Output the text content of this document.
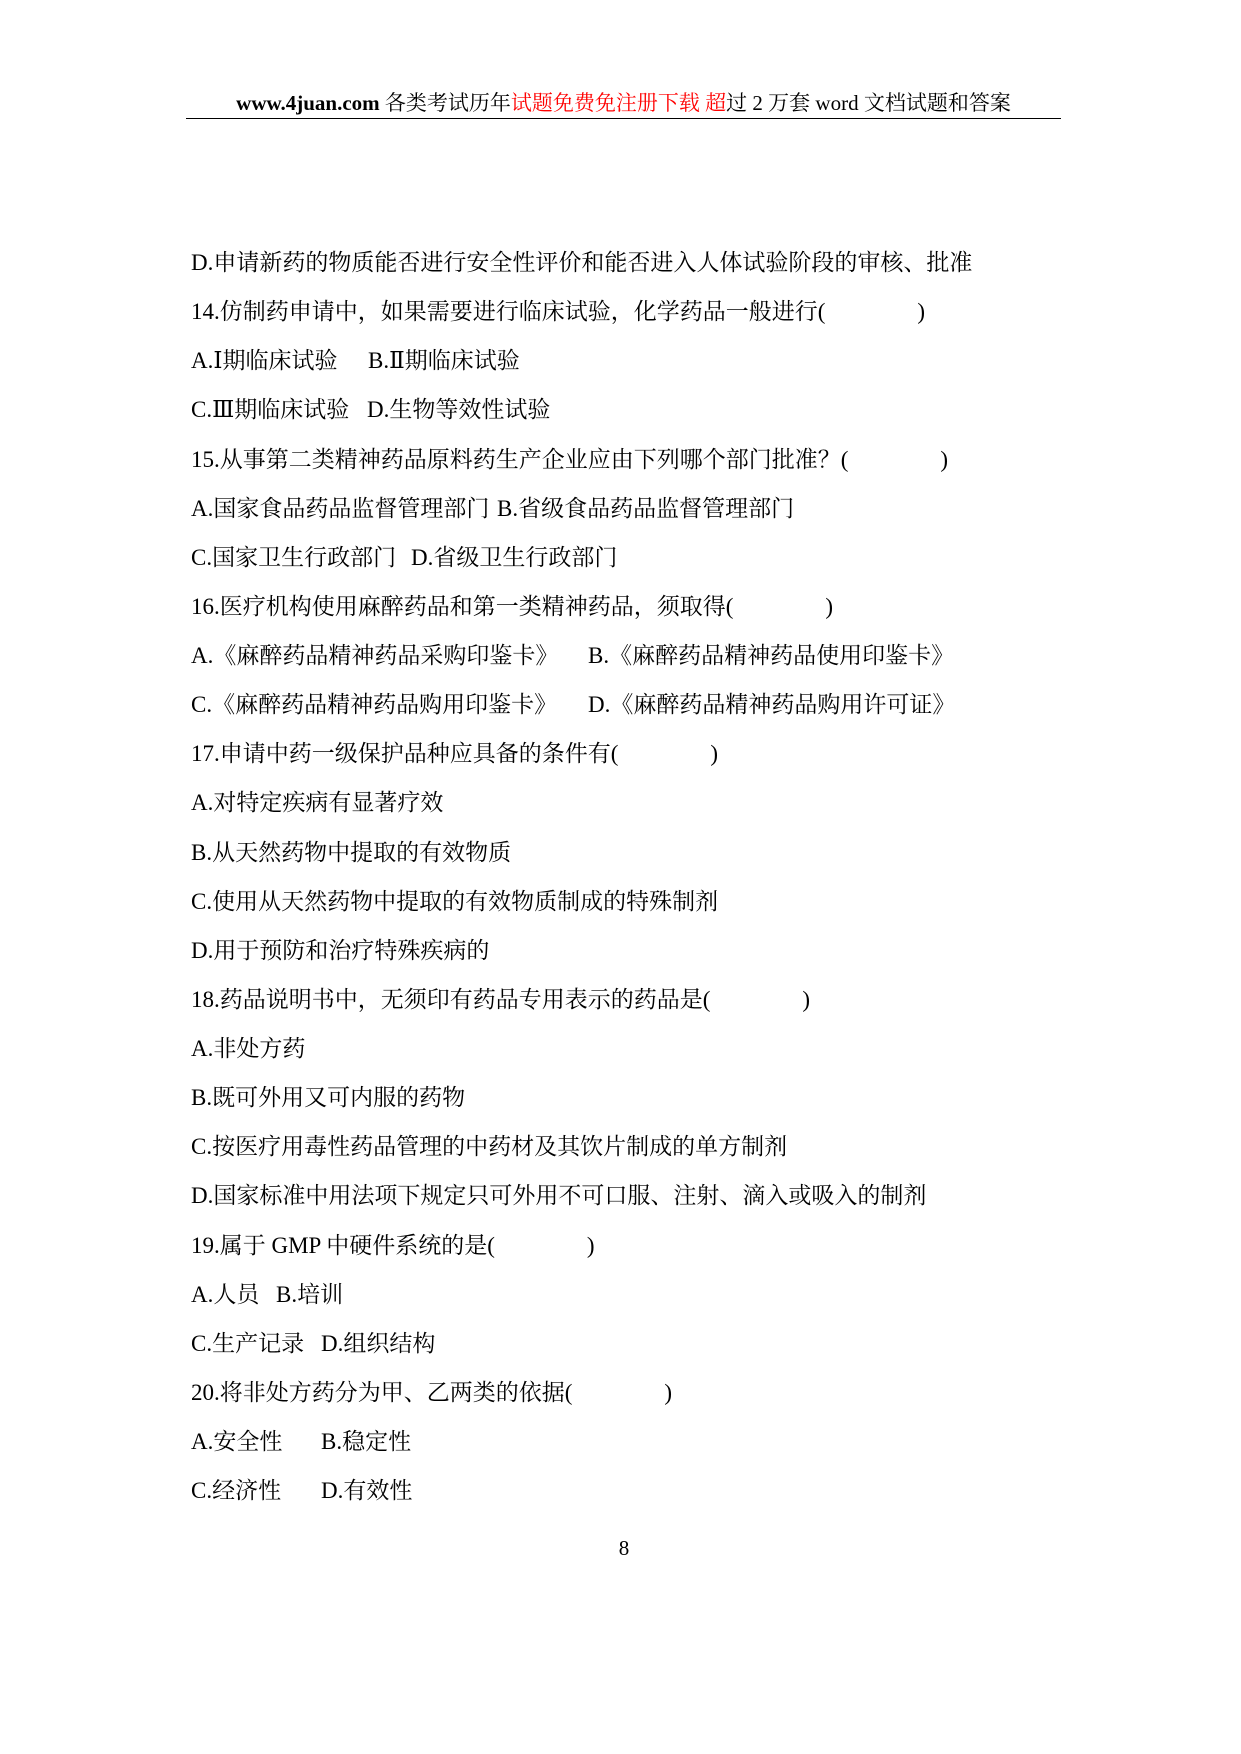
www.4juan.com 各类考试历年 试题免费免注册下载 超 过 2 万套 word 文档试题和答案
D.申请新药的物质能否进行安全性评价和能否进入人体试验阶段的审核、批准
14.仿制药申请中，如果需要进行临床试验，化学药品一般进行(　　　　)
A.Ⅰ期临床试验 B.Ⅱ期临床试验
C.Ⅲ期临床试验 D.生物等效性试验
15.从事第二类精神药品原料药生产企业应由下列哪个部门批准？(　　　　)
A.国家食品药品监督管理部门 B.省级食品药品监督管理部门
C.国家卫生行政部门 D.省级卫生行政部门
16.医疗机构使用麻醉药品和第一类精神药品，须取得(　　　　)
A.《麻醉药品精神药品采购印鉴卡》 B.《麻醉药品精神药品使用印鉴卡》
C.《麻醉药品精神药品购用印鉴卡》 D.《麻醉药品精神药品购用许可证》
17.申请中药一级保护品种应具备的条件有(　　　　)
A.对特定疾病有显著疗效
B.从天然药物中提取的有效物质
C.使用从天然药物中提取的有效物质制成的特殊制剂
D.用于预防和治疗特殊疾病的
18.药品说明书中，无须印有药品专用表示的药品是(　　　　)
A.非处方药
B.既可外用又可内服的药物
C.按医疗用毒性药品管理的中药材及其饮片制成的单方制剂
D.国家标准中用法项下规定只可外用不可口服、注射、滴入或吸入的制剂
19.属于 GMP 中硬件系统的是(　　　　)
A.人员 B.培训
C.生产记录 D.组织结构
20.将非处方药分为甲、乙两类的依据(　　　　)
A.安全性 B.稳定性
C.经济性 D.有效性
8
